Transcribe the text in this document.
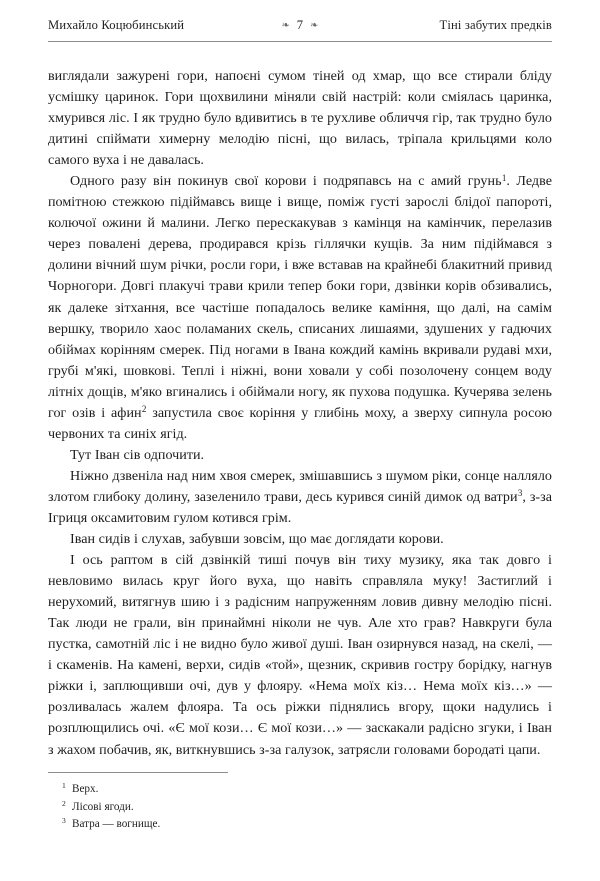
Михайло Коцюбинський	Тіні забутих предків
❧ 7 ❧

виглядали зажурені гори, напоєні сумом тіней од хмар, що все стирали бліду усмішку царинок. Гори щохвилини міняли свій настрій: коли сміялась царинка, хмурився ліс. І як трудно було вдивитись в те рухливе обличчя гір, так трудно було дитині спіймати химерну мелодію пісні, що вилась, тріпала крильцями коло самого вуха і не давалась.

Одного разу він покинув свої корови і подряпавсь на с амий грунь$^1$. Ледве помітною стежкою підіймавсь вище і вище, поміж густі зарослі блідої папороті, колючої ожини й малини. Легко перескакував з камінця на камінчик, перелазив через повалені дерева, продирався крізь гіллячки кущів. За ним підіймався з долини вічний шум річки, росли гори, і вже вставав на крайнебі блакитний привид Чорногори. Довгі плакучі трави крили тепер боки гори, дзвінки корів обзивались, як далеке зітхання, все частіше попадалось велике каміння, що далі, на самім вершку, творило хаос поламаних скель, списаних лишаями, здушених у гадючих обіймах корінням смерек. Під ногами в Івана кождий камінь вкривали рудаві мхи, грубі м'які, шовкові. Теплі і ніжні, вони ховали у собі позолочену сонцем воду літніх дощів, м'яко вгинались і обіймали ногу, як пухова подушка. Кучерява зелень гог озів і афин$^2$ запустила своє коріння у глибінь моху, а зверху сипнула росою червоних та синіх ягід.

Тут Іван сів одпочити.

Ніжно дзвеніла над ним хвоя смерек, змішавшись з шумом ріки, сонце налляло злотом глибоку долину, зазеленило трави, десь курився синій димок од ватри$^3$, з-за Ігриця оксамитовим гулом котився грім.

Іван сидів і слухав, забувши зовсім, що має доглядати корови.

І ось раптом в сій дзвінкій тиші почув він тиху музику, яка так довго і невловимо вилась круг його вуха, що навіть справляла муку! Застиглий і нерухомий, витягнув шию і з радісним напруженням ловив дивну мелодію пісні. Так люди не грали, він принаймні ніколи не чув. Але хто грав? Навкруги була пустка, самотній ліс і не видно було живої душі. Іван озирнувся назад, на скелі, — і скаменів. На камені, верхи, сидів «той», щезник, скривив гостру борідку, нагнув ріжки і, заплющивши очі, дув у флояру. «Нема моїх кіз… Нема моїх кіз…» — розливалась жалем флояра. Та ось ріжки піднялись вгору, щоки надулись і розплющились очі. «Є мої кози… Є мої кози…» — заскакали радісно згуки, і Іван з жахом побачив, як, виткнувшись з-за галузок, затрясли головами бородаті цапи.

1 Верх.
2 Лісові ягоди.
3 Ватра — вогнище.
